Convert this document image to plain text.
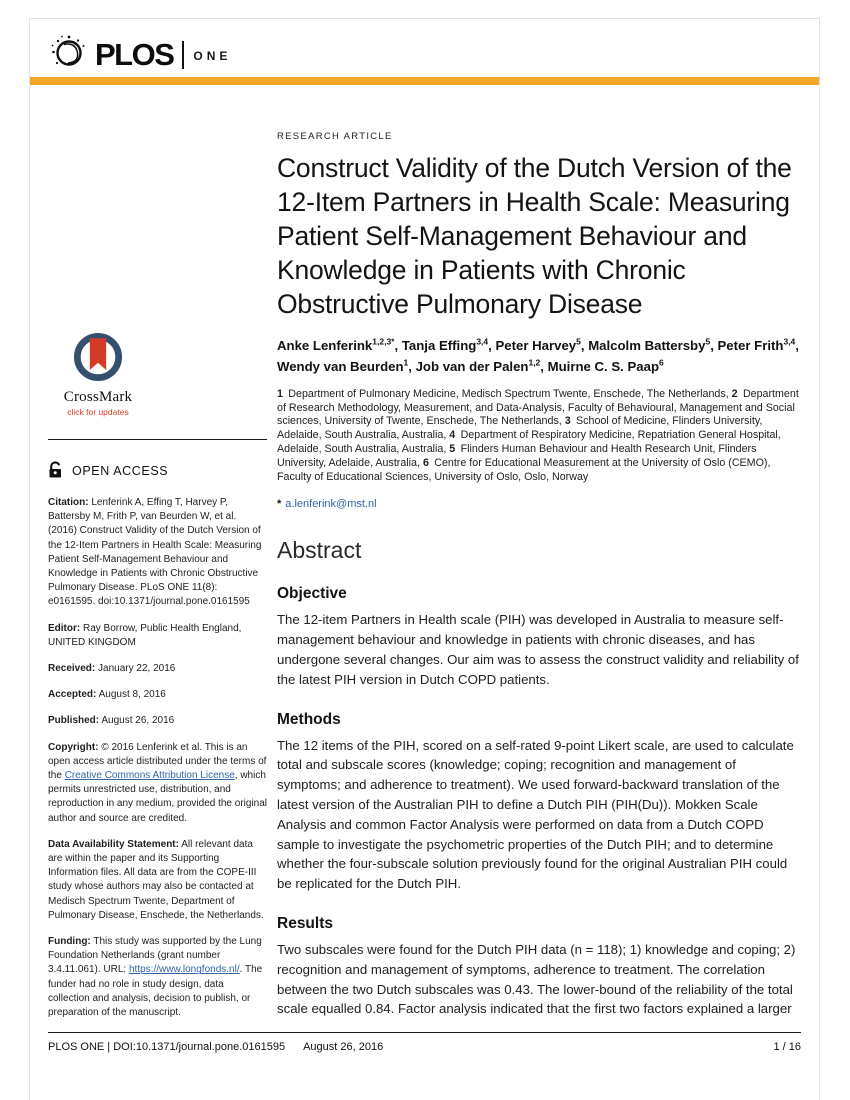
PLOS ONE
CrossMark
click for updates
OPEN ACCESS

Citation: Lenferink A, Effing T, Harvey P, Battersby M, Frith P, van Beurden W, et al. (2016) Construct Validity of the Dutch Version of the 12-Item Partners in Health Scale: Measuring Patient Self-Management Behaviour and Knowledge in Patients with Chronic Obstructive Pulmonary Disease. PLoS ONE 11(8): e0161595. doi:10.1371/journal.pone.0161595

Editor: Ray Borrow, Public Health England, UNITED KINGDOM

Received: January 22, 2016

Accepted: August 8, 2016

Published: August 26, 2016

Copyright: © 2016 Lenferink et al. This is an open access article distributed under the terms of the Creative Commons Attribution License, which permits unrestricted use, distribution, and reproduction in any medium, provided the original author and source are credited.

Data Availability Statement: All relevant data are within the paper and its Supporting Information files. All data are from the COPE-III study whose authors may also be contacted at Medisch Spectrum Twente, Department of Pulmonary Disease, Enschede, the Netherlands.

Funding: This study was supported by the Lung Foundation Netherlands (grant number 3.4.11.061). URL: https://www.longfonds.nl/. The funder had no role in study design, data collection and analysis, decision to publish, or preparation of the manuscript.

RESEARCH ARTICLE
Construct Validity of the Dutch Version of the 12-Item Partners in Health Scale: Measuring Patient Self-Management Behaviour and Knowledge in Patients with Chronic Obstructive Pulmonary Disease
Anke Lenferink$^{1,2,3*}$, Tanja Effing$^{3,4}$, Peter Harvey$^5$, Malcolm Battersby$^5$, Peter Frith$^{3,4}$, Wendy van Beurden$^1$, Job van der Palen$^{1,2}$, Muirne C. S. Paap$^6$
1 Department of Pulmonary Medicine, Medisch Spectrum Twente, Enschede, The Netherlands, 2 Department of Research Methodology, Measurement, and Data-Analysis, Faculty of Behavioural, Management and Social sciences, University of Twente, Enschede, The Netherlands, 3 School of Medicine, Flinders University, Adelaide, South Australia, Australia, 4 Department of Respiratory Medicine, Repatriation General Hospital, Adelaide, South Australia, Australia, 5 Flinders Human Behaviour and Health Research Unit, Flinders University, Adelaide, Australia, 6 Centre for Educational Measurement at the University of Oslo (CEMO), Faculty of Educational Sciences, University of Oslo, Oslo, Norway
* a.lenferink@mst.nl
Abstract
Objective

The 12-item Partners in Health scale (PIH) was developed in Australia to measure self-management behaviour and knowledge in patients with chronic diseases, and has undergone several changes. Our aim was to assess the construct validity and reliability of the latest PIH version in Dutch COPD patients.

Methods

The 12 items of the PIH, scored on a self-rated 9-point Likert scale, are used to calculate total and subscale scores (knowledge; coping; recognition and management of symptoms; and adherence to treatment). We used forward-backward translation of the latest version of the Australian PIH to define a Dutch PIH (PIH(Du)). Mokken Scale Analysis and common Factor Analysis were performed on data from a Dutch COPD sample to investigate the psychometric properties of the Dutch PIH; and to determine whether the four-subscale solution previously found for the original Australian PIH could be replicated for the Dutch PIH.

Results

Two subscales were found for the Dutch PIH data (n = 118); 1) knowledge and coping; 2) recognition and management of symptoms, adherence to treatment. The correlation between the two Dutch subscales was 0.43. The lower-bound of the reliability of the total scale equalled 0.84. Factor analysis indicated that the first two factors explained a larger

PLOS ONE | DOI:10.1371/journal.pone.0161595 August 26, 2016	1 / 16
